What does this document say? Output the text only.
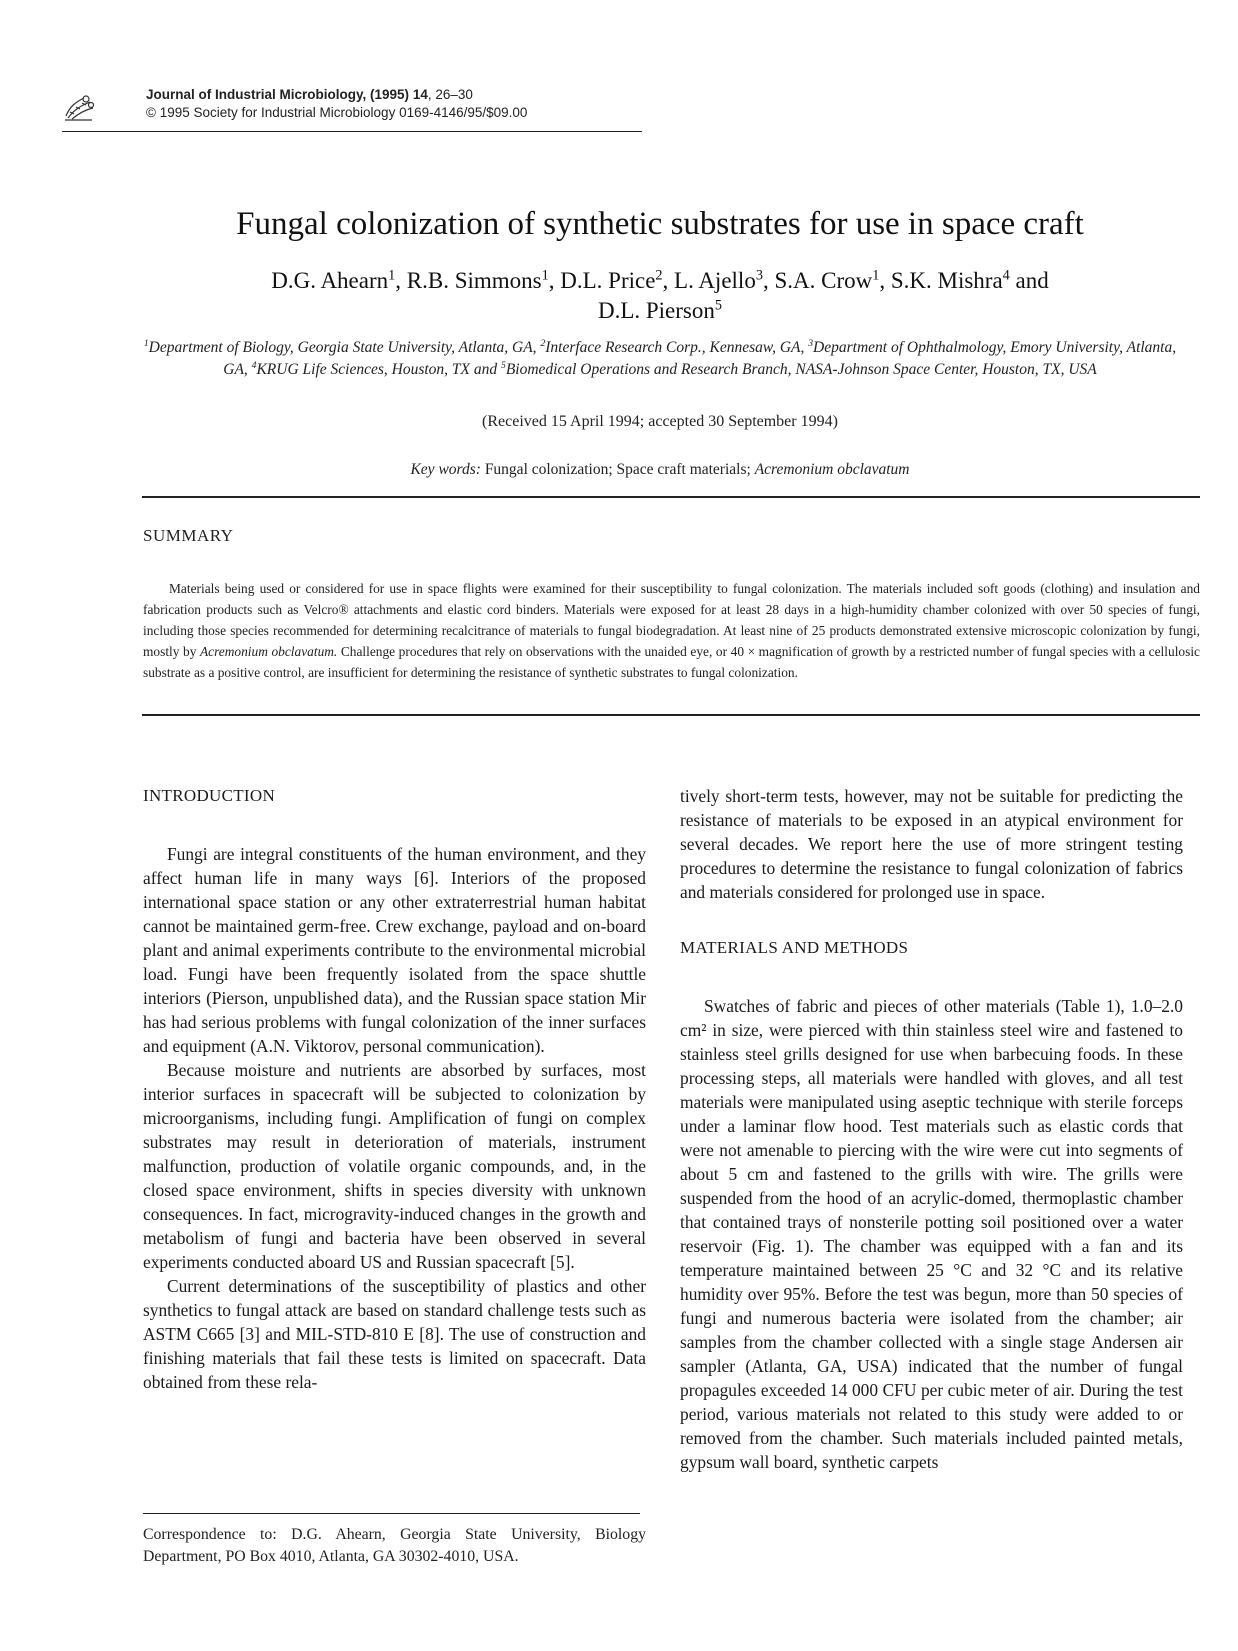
Journal of Industrial Microbiology, (1995) 14, 26–30
© 1995 Society for Industrial Microbiology 0169-4146/95/$09.00
Fungal colonization of synthetic substrates for use in space craft
D.G. Ahearn$^1$, R.B. Simmons$^1$, D.L. Price$^2$, L. Ajello$^3$, S.A. Crow$^1$, S.K. Mishra$^4$ and
D.L. Pierson$^5$
$^1$Department of Biology, Georgia State University, Atlanta, GA, $^2$Interface Research Corp., Kennesaw, GA, $^3$Department of Ophthalmology, Emory University, Atlanta, GA, $^4$KRUG Life Sciences, Houston, TX and $^5$Biomedical Operations and Research Branch, NASA-Johnson Space Center, Houston, TX, USA
(Received 15 April 1994; accepted 30 September 1994)
Key words: Fungal colonization; Space craft materials; Acremonium obclavatum
SUMMARY
Materials being used or considered for use in space flights were examined for their susceptibility to fungal colonization. The materials included soft goods (clothing) and insulation and fabrication products such as Velcro® attachments and elastic cord binders. Materials were exposed for at least 28 days in a high-humidity chamber colonized with over 50 species of fungi, including those species recommended for determining recalcitrance of materials to fungal biodegradation. At least nine of 25 products demonstrated extensive microscopic colonization by fungi, mostly by Acremonium obclavatum. Challenge procedures that rely on observations with the unaided eye, or 40 × magnification of growth by a restricted number of fungal species with a cellulosic substrate as a positive control, are insufficient for determining the resistance of synthetic substrates to fungal colonization.
INTRODUCTION

Fungi are integral constituents of the human environment, and they affect human life in many ways [6]. Interiors of the proposed international space station or any other extraterrestrial human habitat cannot be maintained germ-free. Crew exchange, payload and on-board plant and animal experiments contribute to the environmental microbial load. Fungi have been frequently isolated from the space shuttle interiors (Pierson, unpublished data), and the Russian space station Mir has had serious problems with fungal colonization of the inner surfaces and equipment (A.N. Viktorov, personal communication).

Because moisture and nutrients are absorbed by surfaces, most interior surfaces in spacecraft will be subjected to colonization by microorganisms, including fungi. Amplification of fungi on complex substrates may result in deterioration of materials, instrument malfunction, production of volatile organic compounds, and, in the closed space environment, shifts in species diversity with unknown consequences. In fact, microgravity-induced changes in the growth and metabolism of fungi and bacteria have been observed in several experiments conducted aboard US and Russian spacecraft [5].

Current determinations of the susceptibility of plastics and other synthetics to fungal attack are based on standard challenge tests such as ASTM C665 [3] and MIL-STD-810 E [8]. The use of construction and finishing materials that fail these tests is limited on spacecraft. Data obtained from these rela-

tively short-term tests, however, may not be suitable for predicting the resistance of materials to be exposed in an atypical environment for several decades. We report here the use of more stringent testing procedures to determine the resistance to fungal colonization of fabrics and materials considered for prolonged use in space.

MATERIALS AND METHODS

Swatches of fabric and pieces of other materials (Table 1), 1.0–2.0 cm² in size, were pierced with thin stainless steel wire and fastened to stainless steel grills designed for use when barbecuing foods. In these processing steps, all materials were handled with gloves, and all test materials were manipulated using aseptic technique with sterile forceps under a laminar flow hood. Test materials such as elastic cords that were not amenable to piercing with the wire were cut into segments of about 5 cm and fastened to the grills with wire. The grills were suspended from the hood of an acrylic-domed, thermoplastic chamber that contained trays of nonsterile potting soil positioned over a water reservoir (Fig. 1). The chamber was equipped with a fan and its temperature maintained between 25 °C and 32 °C and its relative humidity over 95%. Before the test was begun, more than 50 species of fungi and numerous bacteria were isolated from the chamber; air samples from the chamber collected with a single stage Andersen air sampler (Atlanta, GA, USA) indicated that the number of fungal propagules exceeded 14 000 CFU per cubic meter of air. During the test period, various materials not related to this study were added to or removed from the chamber. Such materials included painted metals, gypsum wall board, synthetic carpets

Correspondence to: D.G. Ahearn, Georgia State University, Biology Department, PO Box 4010, Atlanta, GA 30302-4010, USA.
